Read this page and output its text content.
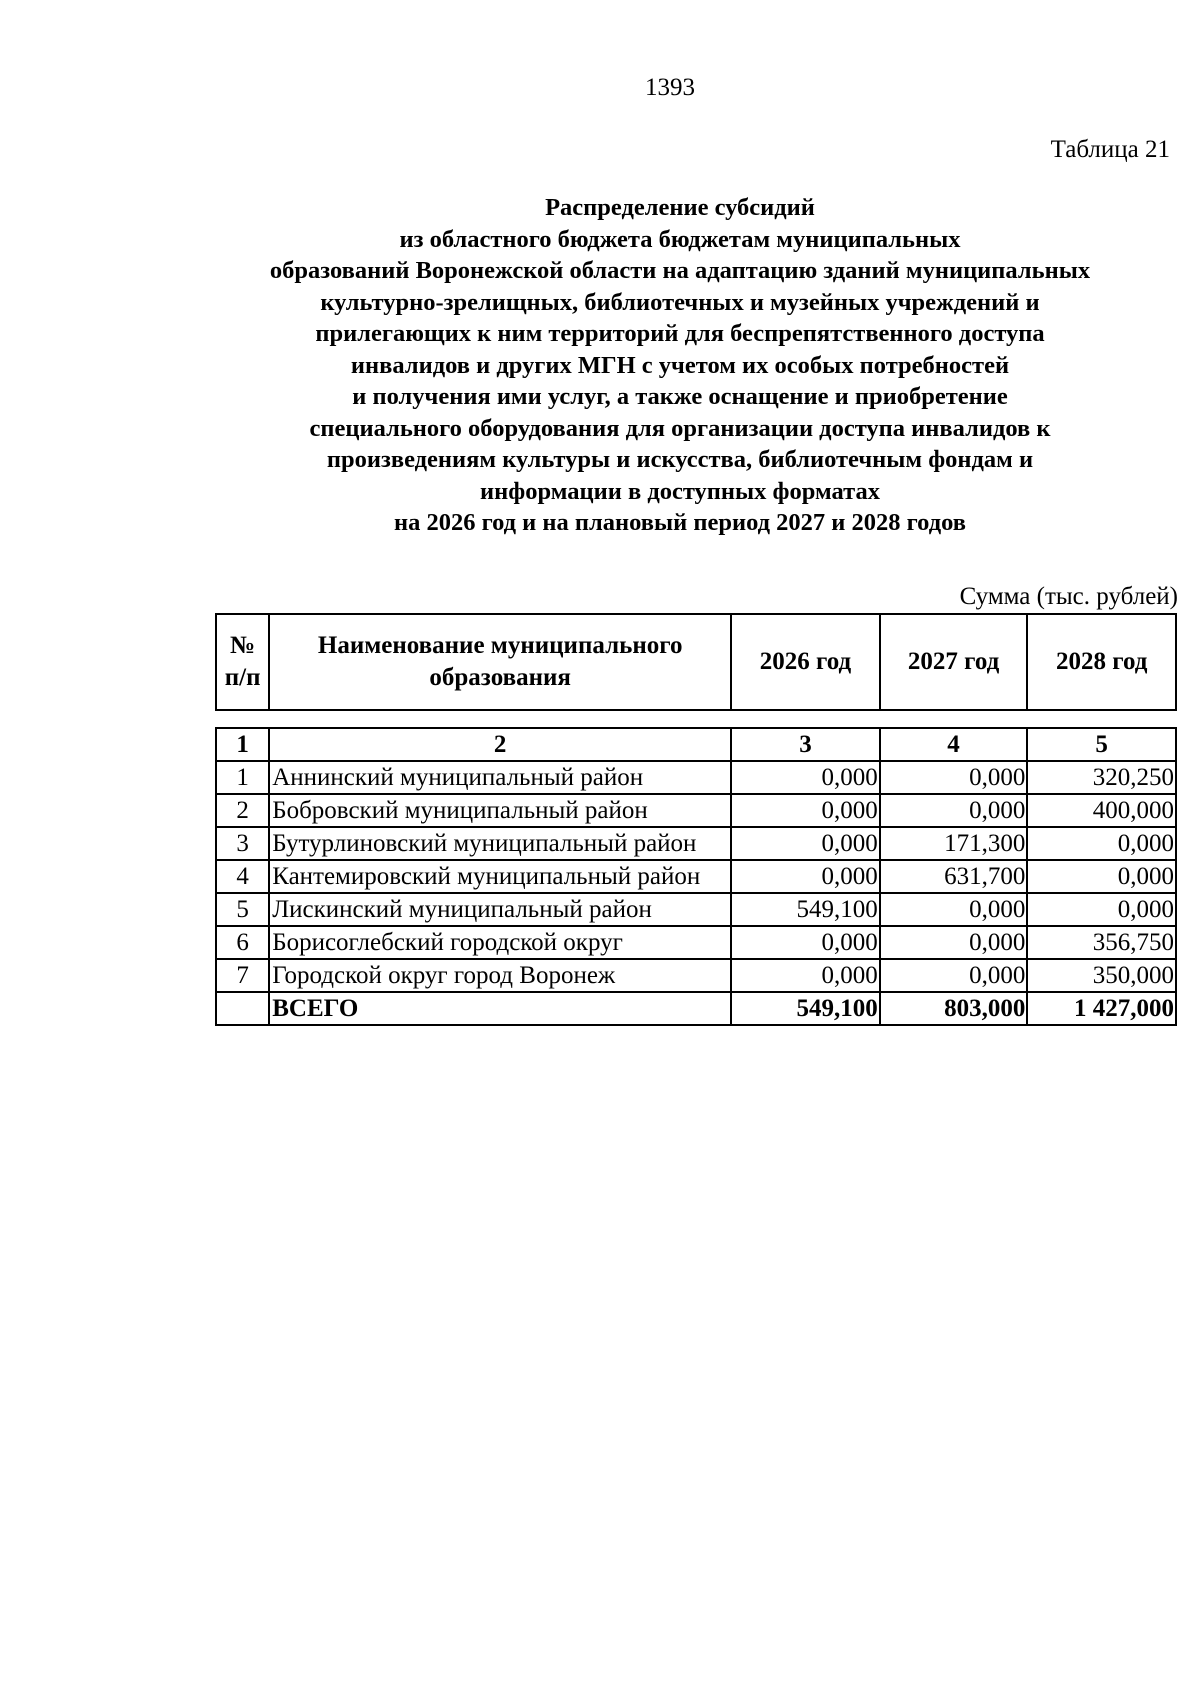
1393
Таблица 21
Распределение субсидий
из областного бюджета бюджетам муниципальных
образований Воронежской области на адаптацию зданий муниципальных
культурно-зрелищных, библиотечных и музейных учреждений и
прилегающих к ним территорий для беспрепятственного доступа
инвалидов и других МГН с учетом их особых потребностей
и получения ими услуг, а также оснащение и приобретение
специального оборудования для организации доступа инвалидов к
произведениям культуры и искусства, библиотечным фондам и
информации в доступных форматах
на 2026 год и на плановый период 2027 и 2028 годов
Сумма (тыс. рублей)
№ п/п	Наименование муниципального образования	2026 год	2027 год	2028 год
1	2	3	4	5
1	Аннинский муниципальный район	0,000	0,000	320,250
2	Бобровский муниципальный район	0,000	0,000	400,000
3	Бутурлиновский муниципальный район	0,000	171,300	0,000
4	Кантемировский муниципальный район	0,000	631,700	0,000
5	Лискинский муниципальный район	549,100	0,000	0,000
6	Борисоглебский городской округ	0,000	0,000	356,750
7	Городской округ город Воронеж	0,000	0,000	350,000
	ВСЕГО	549,100	803,000	1 427,000
